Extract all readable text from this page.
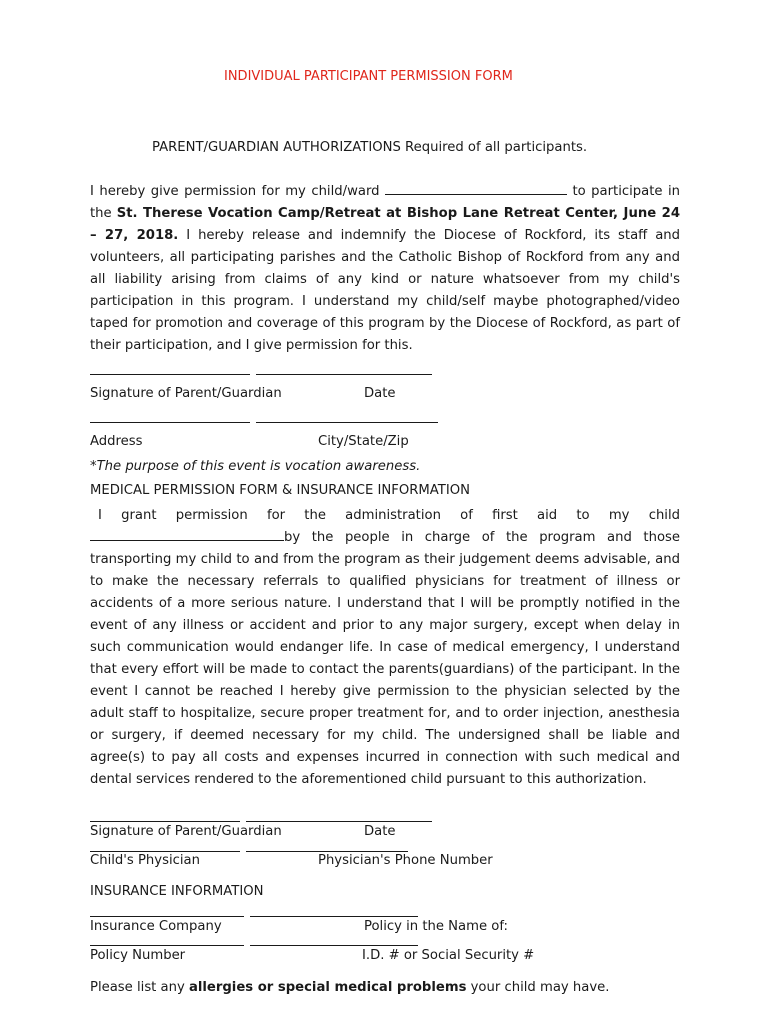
INDIVIDUAL PARTICIPANT PERMISSION FORM
PARENT/GUARDIAN AUTHORIZATIONS Required of all participants.
I hereby give permission for my child/ward	to participate in the St. Therese Vocation Camp/Retreat at Bishop Lane Retreat Center, June 24 – 27, 2018. I hereby release and indemnify the Diocese of Rockford, its staff and volunteers, all participating parishes and the Catholic Bishop of Rockford from any and all liability arising from claims of any kind or nature whatsoever from my child's participation in this program. I understand my child/self maybe photographed/video taped for promotion and coverage of this program by the Diocese of Rockford, as part of their participation, and I give permission for this.
Signature of Parent/Guardian	Date
Address	City/State/Zip
*The purpose of this event is vocation awareness.
MEDICAL PERMISSION FORM & INSURANCE INFORMATION
I grant permission for the administration of first aid to my childby the people in charge of the program and those transporting my child to and from the program as their judgement deems advisable, and to make the necessary referrals to qualified physicians for treatment of illness or accidents of a more serious nature. I understand that I will be promptly notified in the event of any illness or accident and prior to any major surgery, except when delay in such communication would endanger life. In case of medical emergency, I understand that every effort will be made to contact the parents(guardians) of the participant. In the event I cannot be reached I hereby give permission to the physician selected by the adult staff to hospitalize, secure proper treatment for, and to order injection, anesthesia or surgery, if deemed necessary for my child. The undersigned shall be liable and agree(s) to pay all costs and expenses incurred in connection with such medical and dental services rendered to the aforementioned child pursuant to this authorization.
Signature of Parent/Guardian	Date
Child's Physician	Physician's Phone Number
INSURANCE INFORMATION
Insurance Company	Policy in the Name of:
Policy Number	I.D. # or Social Security #
Please list any allergies or special medical problems your child may have.
